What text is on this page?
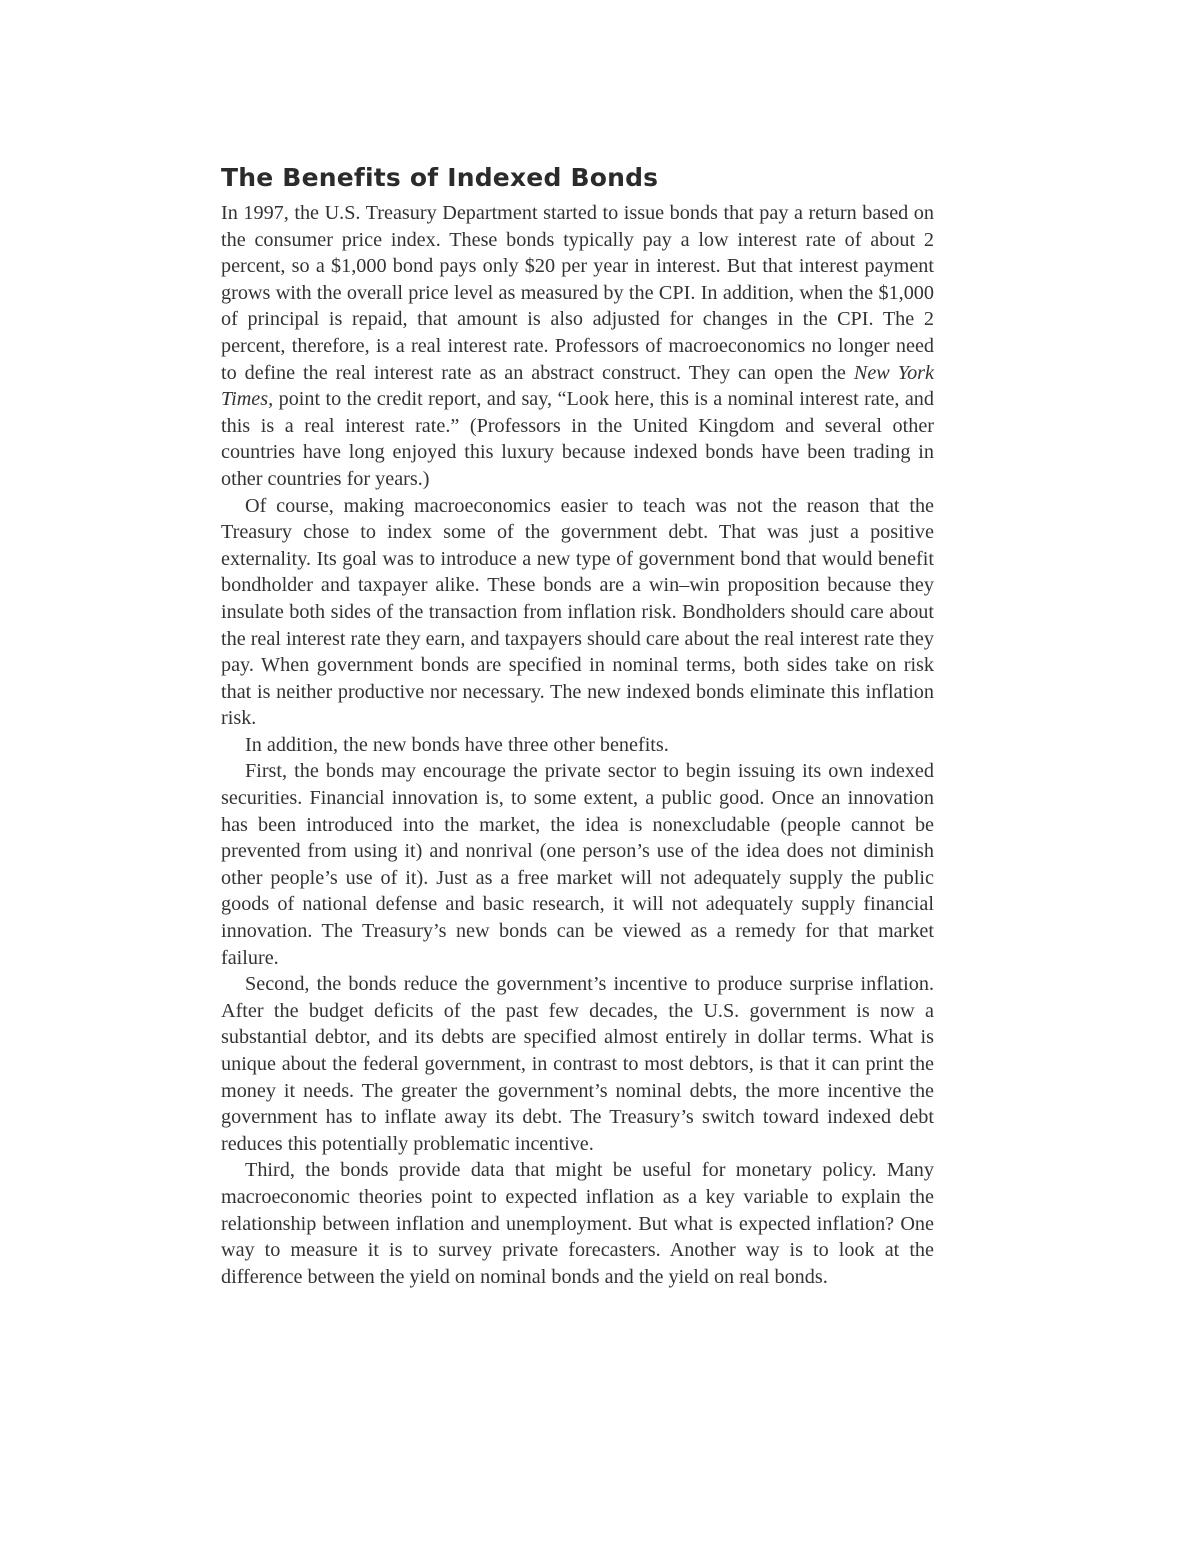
The Benefits of Indexed Bonds

In 1997, the U.S. Treasury Department started to issue bonds that pay a return based on the consumer price index. These bonds typically pay a low interest rate of about 2 percent, so a $1,000 bond pays only $20 per year in interest. But that interest payment grows with the overall price level as measured by the CPI. In addition, when the $1,000 of principal is repaid, that amount is also adjusted for changes in the CPI. The 2 percent, therefore, is a real interest rate. Professors of macroeconomics no longer need to define the real interest rate as an abstract construct. They can open the New York Times, point to the credit report, and say, “Look here, this is a nominal interest rate, and this is a real interest rate.” (Professors in the United Kingdom and several other countries have long enjoyed this luxury because indexed bonds have been trading in other countries for years.)

Of course, making macroeconomics easier to teach was not the reason that the Treasury chose to index some of the government debt. That was just a positive externality. Its goal was to introduce a new type of government bond that would benefit bondholder and taxpayer alike. These bonds are a win–win proposition because they insulate both sides of the transaction from inflation risk. Bondholders should care about the real interest rate they earn, and taxpayers should care about the real interest rate they pay. When government bonds are specified in nominal terms, both sides take on risk that is neither productive nor necessary. The new indexed bonds eliminate this inflation risk.

In addition, the new bonds have three other benefits.

First, the bonds may encourage the private sector to begin issuing its own indexed securities. Financial innovation is, to some extent, a public good. Once an innovation has been introduced into the market, the idea is nonexcludable (people cannot be prevented from using it) and nonrival (one person’s use of the idea does not diminish other people’s use of it). Just as a free market will not adequately supply the public goods of national defense and basic research, it will not adequately supply financial innovation. The Treasury’s new bonds can be viewed as a remedy for that market failure.

Second, the bonds reduce the government’s incentive to produce surprise inflation. After the budget deficits of the past few decades, the U.S. government is now a substantial debtor, and its debts are specified almost entirely in dollar terms. What is unique about the federal government, in contrast to most debtors, is that it can print the money it needs. The greater the government’s nominal debts, the more incentive the government has to inflate away its debt. The Treasury’s switch toward indexed debt reduces this potentially problematic incentive.

Third, the bonds provide data that might be useful for monetary policy. Many macroeconomic theories point to expected inflation as a key variable to explain the relationship between inflation and unemployment. But what is expected inflation? One way to measure it is to survey private forecasters. Another way is to look at the difference between the yield on nominal bonds and the yield on real bonds.
